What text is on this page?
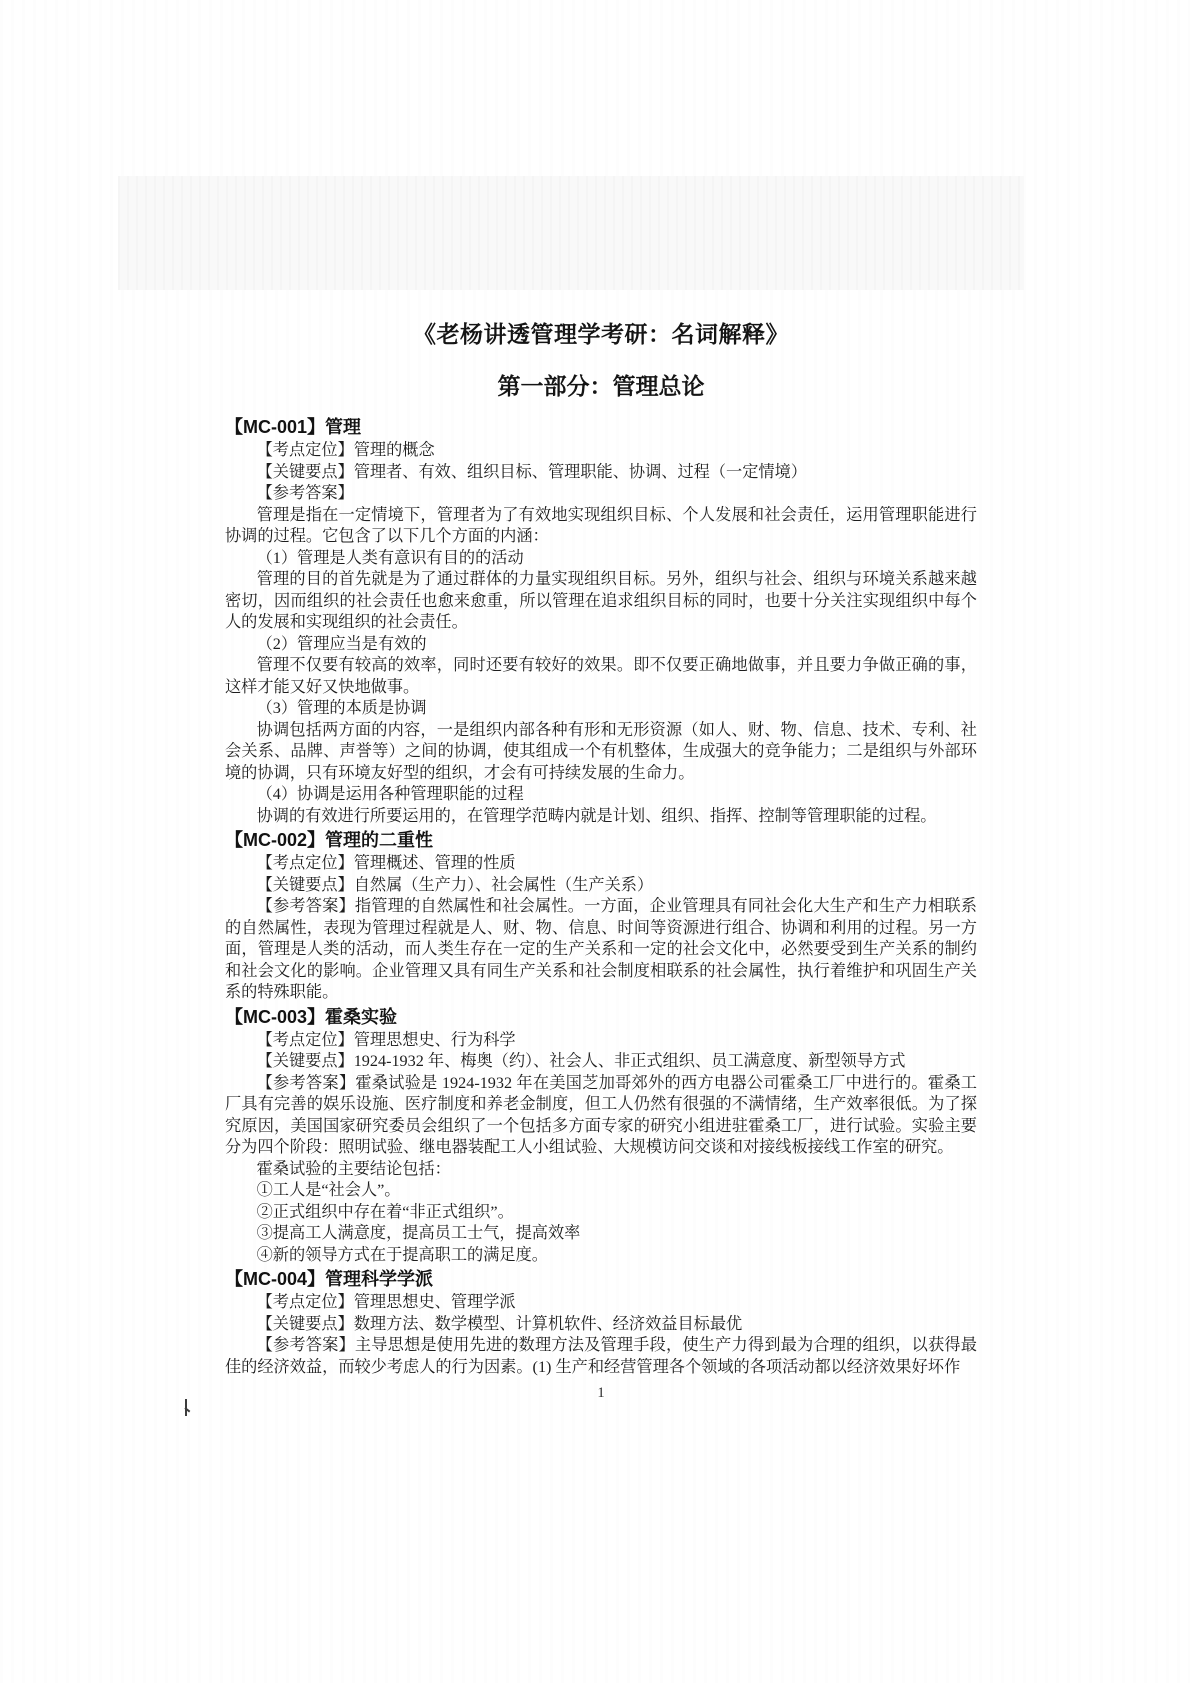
《老杨讲透管理学考研：名词解释》
第一部分：管理总论
【MC-001】管理
【考点定位】管理的概念
【关键要点】管理者、有效、组织目标、管理职能、协调、过程（一定情境）
【参考答案】
管理是指在一定情境下，管理者为了有效地实现组织目标、个人发展和社会责任，运用管理职能进行协调的过程。它包含了以下几个方面的内涵：
（1）管理是人类有意识有目的的活动
管理的目的首先就是为了通过群体的力量实现组织目标。另外，组织与社会、组织与环境关系越来越密切，因而组织的社会责任也愈来愈重，所以管理在追求组织目标的同时，也要十分关注实现组织中每个人的发展和实现组织的社会责任。
（2）管理应当是有效的
管理不仅要有较高的效率，同时还要有较好的效果。即不仅要正确地做事，并且要力争做正确的事，这样才能又好又快地做事。
（3）管理的本质是协调
协调包括两方面的内容，一是组织内部各种有形和无形资源（如人、财、物、信息、技术、专利、社会关系、品牌、声誉等）之间的协调，使其组成一个有机整体，生成强大的竞争能力；二是组织与外部环境的协调，只有环境友好型的组织，才会有可持续发展的生命力。
（4）协调是运用各种管理职能的过程
协调的有效进行所要运用的，在管理学范畴内就是计划、组织、指挥、控制等管理职能的过程。
【MC-002】管理的二重性
【考点定位】管理概述、管理的性质
【关键要点】自然属（生产力）、社会属性（生产关系）
【参考答案】指管理的自然属性和社会属性。一方面，企业管理具有同社会化大生产和生产力相联系的自然属性，表现为管理过程就是人、财、物、信息、时间等资源进行组合、协调和利用的过程。另一方面，管理是人类的活动，而人类生存在一定的生产关系和一定的社会文化中，必然要受到生产关系的制约和社会文化的影响。企业管理又具有同生产关系和社会制度相联系的社会属性，执行着维护和巩固生产关系的特殊职能。
【MC-003】霍桑实验
【考点定位】管理思想史、行为科学
【关键要点】1924-1932 年、梅奥（约）、社会人、非正式组织、员工满意度、新型领导方式
【参考答案】霍桑试验是 1924-1932 年在美国芝加哥郊外的西方电器公司霍桑工厂中进行的。霍桑工厂具有完善的娱乐设施、医疗制度和养老金制度，但工人仍然有很强的不满情绪，生产效率很低。为了探究原因，美国国家研究委员会组织了一个包括多方面专家的研究小组进驻霍桑工厂，进行试验。实验主要分为四个阶段：照明试验、继电器装配工人小组试验、大规模访问交谈和对接线板接线工作室的研究。
霍桑试验的主要结论包括：
①工人是“社会人”。
②正式组织中存在着“非正式组织”。
③提高工人满意度，提高员工士气，提高效率
④新的领导方式在于提高职工的满足度。
【MC-004】管理科学学派
【考点定位】管理思想史、管理学派
【关键要点】数理方法、数学模型、计算机软件、经济效益目标最优
【参考答案】主导思想是使用先进的数理方法及管理手段，使生产力得到最为合理的组织，以获得最佳的经济效益，而较少考虑人的行为因素。(1) 生产和经营管理各个领域的各项活动都以经济效果好坏作
1
